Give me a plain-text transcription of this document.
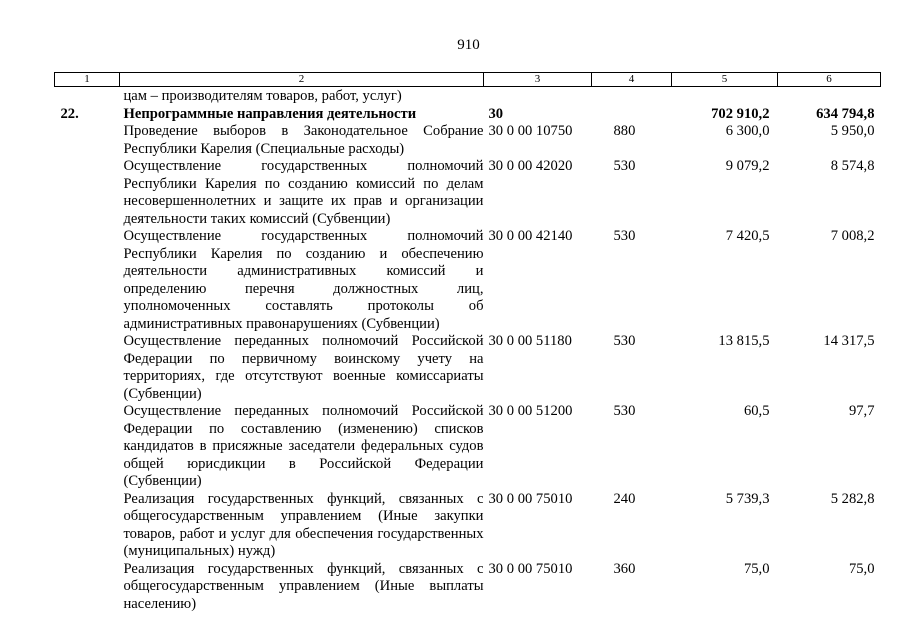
910
1	2	3	4	5	6
	цам – производителям товаров, работ, услуг)				
22.	Непрограммные направления деятельности	30		702 910,2	634 794,8
	Проведение выборов в Законодательное Собрание Республики Карелия (Специальные расходы)	30 0 00 10750	880	6 300,0	5 950,0
	Осуществление государственных полномочий Республики Карелия по созданию комиссий по делам несовершеннолетних и защите их прав и организации деятельности таких комиссий (Субвенции)	30 0 00 42020	530	9 079,2	8 574,8
	Осуществление государственных полномочий Республики Карелия по созданию и обеспечению деятельности административных комиссий и определению перечня должностных лиц, уполномоченных составлять протоколы об административных правонарушениях (Субвенции)	30 0 00 42140	530	7 420,5	7 008,2
	Осуществление переданных полномочий Российской Федерации по первичному воинскому учету на территориях, где отсутствуют военные комиссариаты (Субвенции)	30 0 00 51180	530	13 815,5	14 317,5
	Осуществление переданных полномочий Российской Федерации по составлению (изменению) списков кандидатов в присяжные заседатели федеральных судов общей юрисдикции в Российской Федерации (Субвенции)	30 0 00 51200	530	60,5	97,7
	Реализация государственных функций, связанных с общегосударственным управлением (Иные закупки товаров, работ и услуг для обеспечения государственных (муниципальных) нужд)	30 0 00 75010	240	5 739,3	5 282,8
	Реализация государственных функций, связанных с общегосударственным управлением (Иные выплаты населению)	30 0 00 75010	360	75,0	75,0
